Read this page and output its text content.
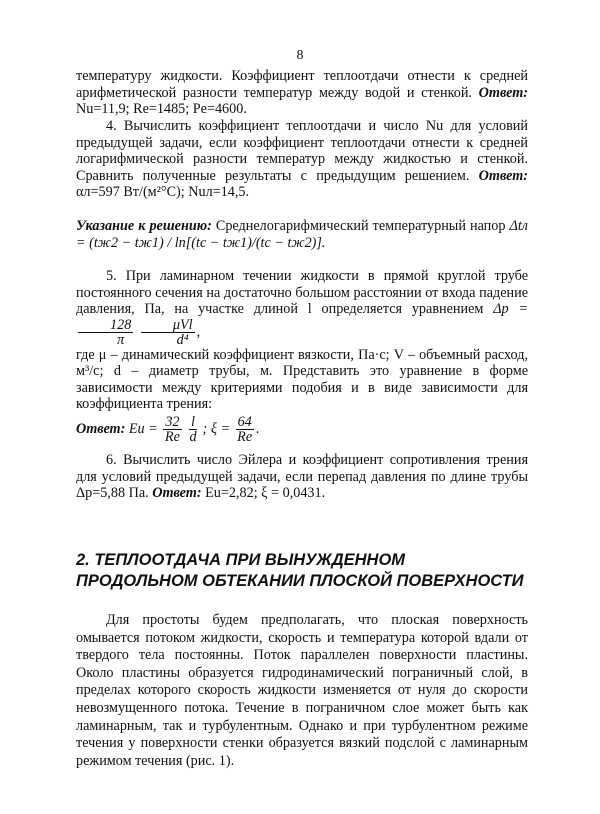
8

температуру жидкости. Коэффициент теплоотдачи отнести к средней арифметической разности температур между водой и стенкой. Ответ: Nu=11,9; Re=1485; Pe=4600.

4. Вычислить коэффициент теплоотдачи и число Nu для условий предыдущей задачи, если коэффициент теплоотдачи отнести к средней логарифмической разности температур между жидкостью и стенкой. Сравнить полученные результаты с предыдущим решением. Ответ: αл=597 Вт/(м²°С); Nuл=14,5.

Указание к решению: Среднелогарифмический температурный напор Δtл = (tж2 − tж1) / ln[(tс − tж1)/(tс − tж2)].

5. При ламинарном течении жидкости в прямой круглой трубе постоянного сечения на достаточно большом расстоянии от входа падение давления, Па, на участке длиной l определяется уравнением Δp =
$\frac{128}{\pi}$
$\frac{\text{μVl}}{\text{d⁴}}$ ,

где μ – динамический коэффициент вязкости, Па·с; V – объемный расход, м³/с; d – диаметр трубы, м. Представить это уравнение в форме зависимости между критериями подобия и в виде зависимости для коэффициента трения:

Ответ: $Eu = \frac{32}{Re}$
$\frac{l}{d}$ ; $\xi = \frac{64}{Re}$ .

6. Вычислить число Эйлера и коэффициент сопротивления трения для условий предыдущей задачи, если перепад давления по длине трубы Δp=5,88 Па. Ответ: Eu=2,82; ξ = 0,0431.

2. ТЕПЛООТДАЧА ПРИ ВЫНУЖДЕННОМ ПРОДОЛЬНОМ ОБТЕКАНИИ ПЛОСКОЙ ПОВЕРХНОСТИ

Для простоты будем предполагать, что плоская поверхность омывается потоком жидкости, скорость и температура которой вдали от твердого тела постоянны. Поток параллелен поверхности пластины. Около пластины образуется гидродинамический пограничный слой, в пределах которого скорость жидкости изменяется от нуля до скорости невозмущенного потока. Течение в пограничном слое может быть как ламинарным, так и турбулентным. Однако и при турбулентном режиме течения у поверхности стенки образуется вязкий подслой с ламинарным режимом течения (рис. 1).
